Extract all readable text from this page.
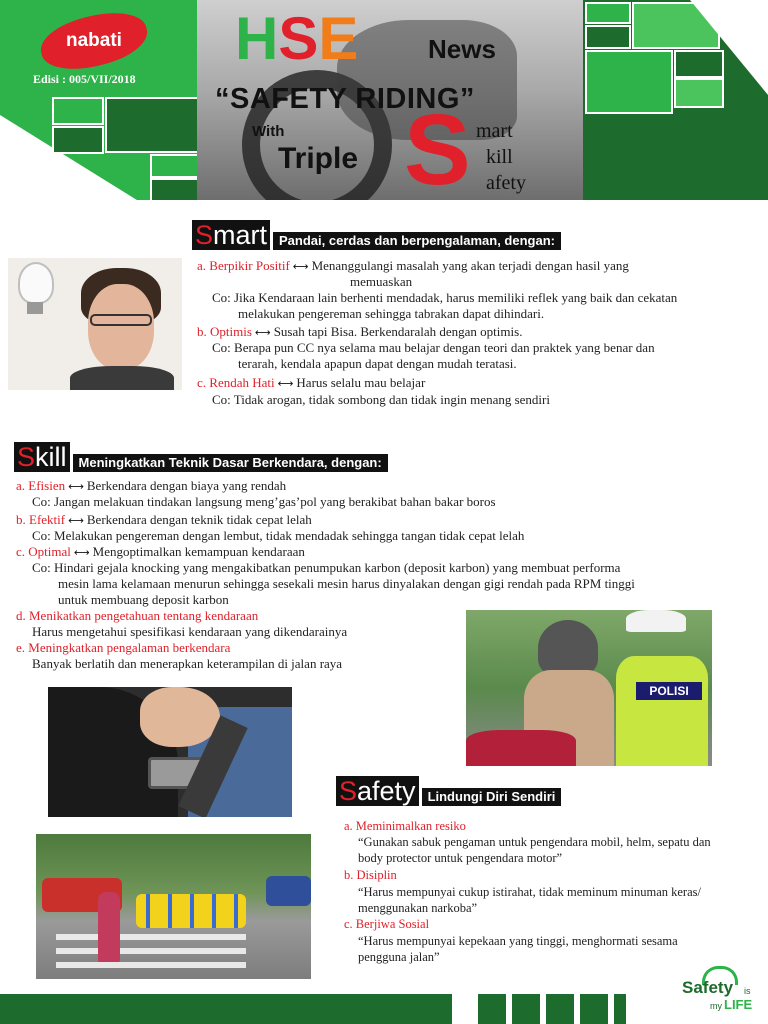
nabati
Edisi : 005/VII/2018
HSE	News
“SAFETY RIDING”
With
Triple S mart
kill
afety
Smart Pandai, cerdas dan berpengalaman, dengan:
a. Berpikir Positif ⟷ Menanggulangi masalah yang akan terjadi dengan hasil yang
memuaskan
Co: Jika Kendaraan lain berhenti mendadak, harus memiliki reflek yang baik dan cekatan
melakukan pengereman sehingga tabrakan dapat dihindari.
b. Optimis ⟷ Susah tapi Bisa. Berkendaralah dengan optimis.
Co: Berapa pun CC nya selama mau belajar dengan teori dan praktek yang benar dan
terarah, kendala apapun dapat dengan mudah teratasi.
c. Rendah Hati ⟷ Harus selalu mau belajar
Co: Tidak arogan, tidak sombong dan tidak ingin menang sendiri
Skill Meningkatkan Teknik Dasar Berkendara, dengan:
a. Efisien ⟷ Berkendara dengan biaya yang rendah
Co: Jangan melakuan tindakan langsung meng’gas’pol yang berakibat bahan bakar boros
b. Efektif ⟷ Berkendara dengan teknik tidak cepat lelah
Co: Melakukan pengereman dengan lembut, tidak mendadak sehingga tangan tidak cepat lelah
c. Optimal ⟷ Mengoptimalkan kemampuan kendaraan
Co: Hindari gejala knocking yang mengakibatkan penumpukan karbon (deposit karbon) yang membuat performa
mesin lama kelamaan menurun sehingga sesekali mesin harus dinyalakan dengan gigi rendah pada RPM tinggi
untuk membuang deposit karbon
d. Menikatkan pengetahuan tentang kendaraan
Harus mengetahui spesifikasi kendaraan yang dikendarainya
e. Meningkatkan pengalaman berkendara
Banyak berlatih dan menerapkan keterampilan di jalan raya
POLISI
Safety Lindungi Diri Sendiri
a. Meminimalkan resiko
“Gunakan sabuk pengaman untuk pengendara mobil, helm, sepatu dan
body protector untuk pengendara motor”
b. Disiplin
“Harus mempunyai cukup istirahat, tidak meminum minuman keras/
menggunakan narkoba”
c. Berjiwa Sosial
“Harus mempunyai kepekaan yang tinggi, menghormati sesama
pengguna jalan”
Safety is
my LIFE
